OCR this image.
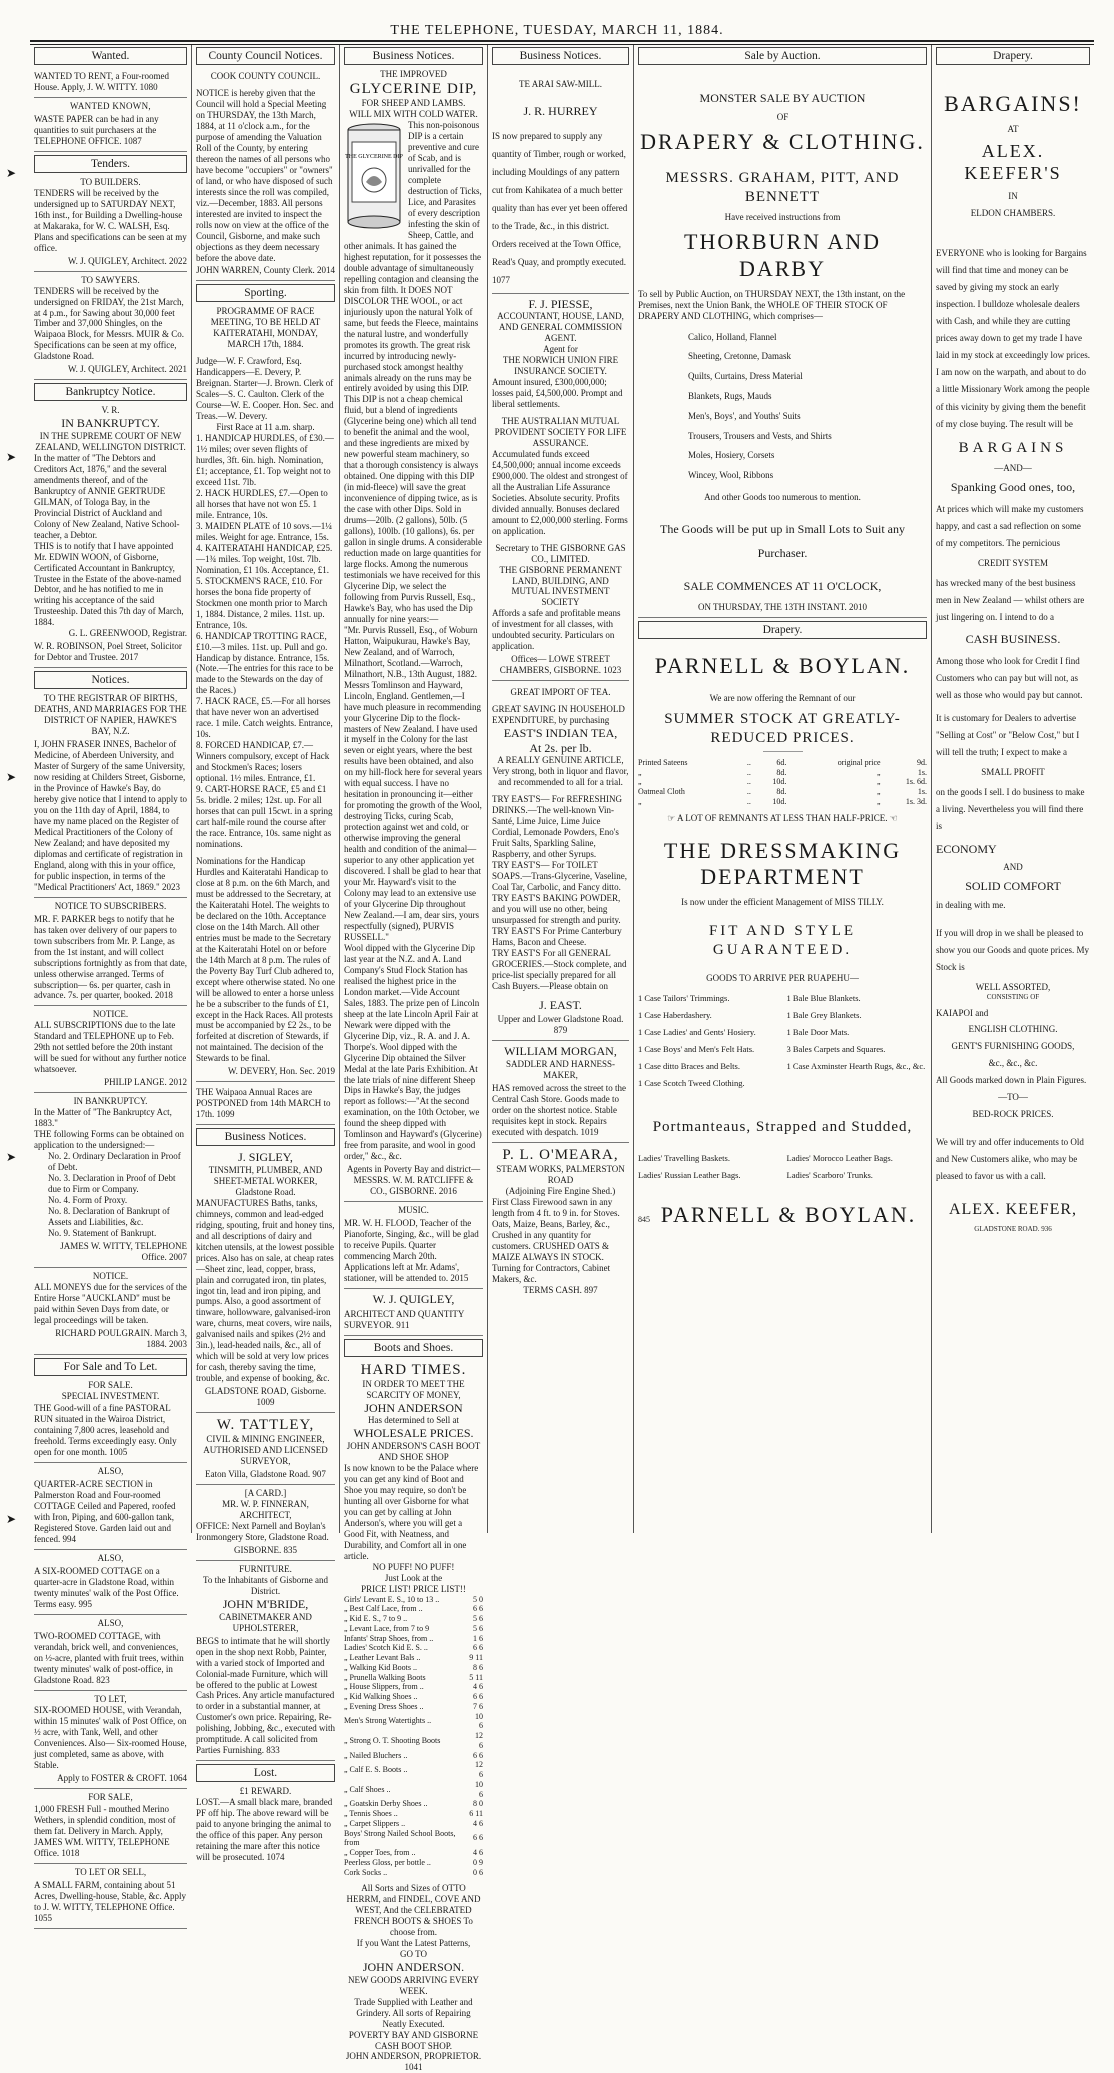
THE TELEPHONE, TUESDAY, MARCH 11, 1884.
Wanted.
WANTED TO RENT, a Four-roomed House. Apply, J. W. WITTY. 1080
WANTED KNOWN,
WASTE PAPER can be had in any quantities to suit purchasers at the TELEPHONE OFFICE. 1087
Tenders.
TO BUILDERS.
TENDERS will be received by the undersigned up to SATURDAY NEXT, 16th inst., for Building a Dwelling-house at Makaraka, for W. C. WALSH, Esq. Plans and specifications can be seen at my office.
W. J. QUIGLEY, Architect. 2022
TO SAWYERS.
TENDERS will be received by the undersigned on FRIDAY, the 21st March, at 4 p.m., for Sawing about 30,000 feet Timber and 37,000 Shingles, on the Waipaoa Block, for Messrs. MUIR & Co. Specifications can be seen at my office, Gladstone Road.
W. J. QUIGLEY, Architect. 2021
Bankruptcy Notice.
V. R.
IN BANKRUPTCY.
IN THE SUPREME COURT OF NEW ZEALAND, WELLINGTON DISTRICT.
In the matter of "The Debtors and Creditors Act, 1876," and the several amendments thereof, and of the Bankruptcy of ANNIE GERTRUDE GILMAN, of Tologa Bay, in the Provincial District of Auckland and Colony of New Zealand, Native School-teacher, a Debtor.
THIS is to notify that I have appointed Mr. EDWIN WOON, of Gisborne, Certificated Accountant in Bankruptcy, Trustee in the Estate of the above-named Debtor, and he has notified to me in writing his acceptance of the said Trusteeship. Dated this 7th day of March, 1884.
G. L. GREENWOOD, Registrar.
W. R. ROBINSON, Poel Street, Solicitor for Debtor and Trustee. 2017
Notices.
TO THE REGISTRAR OF BIRTHS, DEATHS, AND MARRIAGES FOR THE DISTRICT OF NAPIER, HAWKE'S BAY, N.Z.
I, JOHN FRASER INNES, Bachelor of Medicine, of Aberdeen University, and Master of Surgery of the same University, now residing at Childers Street, Gisborne, in the Province of Hawke's Bay, do hereby give notice that I intend to apply to you on the 11th day of April, 1884, to have my name placed on the Register of Medical Practitioners of the Colony of New Zealand; and have deposited my diplomas and certificate of registration in England, along with this in your office, for public inspection, in terms of the "Medical Practitioners' Act, 1869." 2023
NOTICE TO SUBSCRIBERS.
MR. F. PARKER begs to notify that he has taken over delivery of our papers to town subscribers from Mr. P. Lange, as from the 1st instant, and will collect subscriptions fortnightly as from that date, unless otherwise arranged. Terms of subscription— 6s. per quarter, cash in advance. 7s. per quarter, booked. 2018
NOTICE.
ALL SUBSCRIPTIONS due to the late Standard and TELEPHONE up to Feb. 29th not settled before the 20th instant will be sued for without any further notice whatsoever.
PHILIP LANGE. 2012
IN BANKRUPTCY.
In the Matter of "The Bankruptcy Act, 1883."
THE following Forms can be obtained on application to the undersigned:—
No. 2. Ordinary Declaration in Proof of Debt.
No. 3. Declaration in Proof of Debt due to Firm or Company.
No. 4. Form of Proxy.
No. 8. Declaration of Bankrupt of Assets and Liabilities, &c.
No. 9. Statement of Bankrupt.
JAMES W. WITTY, TELEPHONE Office. 2007
NOTICE.
ALL MONEYS due for the services of the Entire Horse "AUCKLAND" must be paid within Seven Days from date, or legal proceedings will be taken.
RICHARD POULGRAIN. March 3, 1884. 2003
For Sale and To Let.
FOR SALE.
SPECIAL INVESTMENT.
THE Good-will of a fine PASTORAL RUN situated in the Wairoa District, containing 7,800 acres, leasehold and freehold. Terms exceedingly easy. Only open for one month. 1005
ALSO,
QUARTER-ACRE SECTION in Palmerston Road and Four-roomed COTTAGE Ceiled and Papered, roofed with Iron, Piping, and 600-gallon tank, Registered Stove. Garden laid out and fenced. 994
ALSO,
A SIX-ROOMED COTTAGE on a quarter-acre in Gladstone Road, within twenty minutes' walk of the Post Office. Terms easy. 995
ALSO,
TWO-ROOMED COTTAGE, with verandah, brick well, and conveniences, on ½-acre, planted with fruit trees, within twenty minutes' walk of post-office, in Gladstone Road. 823
TO LET,
SIX-ROOMED HOUSE, with Verandah, within 15 minutes' walk of Post Office, on ½ acre, with Tank, Well, and other Conveniences. Also— Six-roomed House, just completed, same as above, with Stable.
Apply to FOSTER & CROFT. 1064
FOR SALE,
1,000 FRESH Full - mouthed Merino Wethers, in splendid condition, most of them fat. Delivery in March. Apply, JAMES WM. WITTY, TELEPHONE Office. 1018
TO LET OR SELL,
A SMALL FARM, containing about 51 Acres, Dwelling-house, Stable, &c. Apply to J. W. WITTY, TELEPHONE Office. 1055
County Council Notices.
COOK COUNTY COUNCIL.
NOTICE is hereby given that the Council will hold a Special Meeting on THURSDAY, the 13th March, 1884, at 11 o'clock a.m., for the purpose of amending the Valuation Roll of the County, by entering thereon the names of all persons who have become "occupiers" or "owners" of land, or who have disposed of such interests since the roll was compiled, viz.—December, 1883. All persons interested are invited to inspect the rolls now on view at the office of the Council, Gisborne, and make such objections as they deem necessary before the above date.
JOHN WARREN, County Clerk. 2014
Sporting.
PROGRAMME OF RACE MEETING, TO BE HELD AT KAITERATAHI, MONDAY, MARCH 17th, 1884.
Judge—W. F. Crawford, Esq. Handicappers—E. Devery, P. Breignan. Starter—J. Brown. Clerk of Scales—S. C. Caulton. Clerk of the Course—W. E. Cooper. Hon. Sec. and Treas.—W. Devery.
First Race at 11 a.m. sharp.
1. HANDICAP HURDLES, of £30.—1½ miles; over seven flights of hurdles, 3ft. 6in. high. Nomination, £1; acceptance, £1. Top weight not to exceed 11st. 7lb.
2. HACK HURDLES, £7.—Open to all horses that have not won £5. 1 mile. Entrance, 10s.
3. MAIDEN PLATE of 10 sovs.—1¼ miles. Weight for age. Entrance, 15s.
4. KAITERATAHI HANDICAP, £25.—1¾ miles. Top weight, 10st. 7lb. Nomination, £1 10s. Acceptance, £1.
5. STOCKMEN'S RACE, £10. For horses the bona fide property of Stockmen one month prior to March 1, 1884. Distance, 2 miles. 11st. up. Entrance, 10s.
6. HANDICAP TROTTING RACE, £10.—3 miles. 11st. up. Pull and go. Handicap by distance. Entrance, 15s. (Note.—The entries for this race to be made to the Stewards on the day of the Races.)
7. HACK RACE, £5.—For all horses that have never won an advertised race. 1 mile. Catch weights. Entrance, 10s.
8. FORCED HANDICAP, £7.—Winners compulsory, except of Hack and Stockmen's Races; losers optional. 1½ miles. Entrance, £1.
9. CART-HORSE RACE, £5 and £1 5s. bridle. 2 miles; 12st. up. For all horses that can pull 15cwt. in a spring cart half-mile round the course after the race. Entrance, 10s. same night as nominations.
Nominations for the Handicap Hurdles and Kaiteratahi Handicap to close at 8 p.m. on the 6th March, and must be addressed to the Secretary, at the Kaiteratahi Hotel. The weights to be declared on the 10th. Acceptance close on the 14th March. All other entries must be made to the Secretary at the Kaiteratahi Hotel on or before the 14th March at 8 p.m. The rules of the Poverty Bay Turf Club adhered to, except where otherwise stated. No one will be allowed to enter a horse unless he be a subscriber to the funds of £1, except in the Hack Races. All protests must be accompanied by £2 2s., to be forfeited at discretion of Stewards, if not maintained. The decision of the Stewards to be final.
W. DEVERY, Hon. Sec. 2019
THE Waipaoa Annual Races are POSTPONED from 14th MARCH to 17th. 1099
Business Notices.
J. SIGLEY,
TINSMITH, PLUMBER, AND SHEET-METAL WORKER,
Gladstone Road.
MANUFACTURES Baths, tanks, chimneys, common and lead-edged ridging, spouting, fruit and honey tins, and all descriptions of dairy and kitchen utensils, at the lowest possible prices. Also has on sale, at cheap rates—Sheet zinc, lead, copper, brass, plain and corrugated iron, tin plates, ingot tin, lead and iron piping, and pumps. Also, a good assortment of tinware, hollowware, galvanised-iron ware, churns, meat covers, wire nails, galvanised nails and spikes (2½ and 3in.), lead-headed nails, &c., all of which will be sold at very low prices for cash, thereby saving the time, trouble, and expense of booking, &c.
GLADSTONE ROAD, Gisborne. 1009
W. TATTLEY,
CIVIL & MINING ENGINEER,
AUTHORISED AND LICENSED SURVEYOR,
Eaton Villa, Gladstone Road. 907
[A CARD.]
MR. W. P. FINNERAN, ARCHITECT,
OFFICE: Next Parnell and Boylan's Ironmongery Store, Gladstone Road.
GISBORNE. 835
FURNITURE.
To the Inhabitants of Gisborne and District.
JOHN M'BRIDE,
CABINETMAKER AND UPHOLSTERER,
BEGS to intimate that he will shortly open in the shop next Robb, Painter, with a varied stock of Imported and Colonial-made Furniture, which will be offered to the public at Lowest Cash Prices. Any article manufactured to order in a substantial manner, at Customer's own price. Repairing, Re-polishing, Jobbing, &c., executed with promptitude. A call solicited from Parties Furnishing. 833
Lost.
£1 REWARD.
LOST.—A small black mare, branded PF off hip. The above reward will be paid to anyone bringing the animal to the office of this paper. Any person retaining the mare after this notice will be prosecuted. 1074
Business Notices.
THE IMPROVED
GLYCERINE DIP,
FOR SHEEP AND LAMBS.
WILL MIX WITH COLD WATER.
THE GLYCERINE DIP
This non-poisonous DIP is a certain preventive and cure of Scab, and is unrivalled for the complete destruction of Ticks, Lice, and Parasites of every description infesting the skin of Sheep, Cattle, and other animals. It has gained the highest reputation, for it possesses the double advantage of simultaneously repelling contagion and cleansing the skin from filth. It DOES NOT DISCOLOR THE WOOL, or act injuriously upon the natural Yolk of same, but feeds the Fleece, maintains the natural lustre, and wonderfully promotes its growth. The great risk incurred by introducing newly-purchased stock amongst healthy animals already on the runs may be entirely avoided by using this DIP. This DIP is not a cheap chemical fluid, but a blend of ingredients (Glycerine being one) which all tend to benefit the animal and the wool, and these ingredients are mixed by new powerful steam machinery, so that a thorough consistency is always obtained. One dipping with this DIP (in mid-fleece) will save the great inconvenience of dipping twice, as is the case with other Dips. Sold in drums—20lb. (2 gallons), 50lb. (5 gallons), 100lb. (10 gallons), 6s. per gallon in single drums. A considerable reduction made on large quantities for large flocks. Among the numerous testimonials we have received for this Glycerine Dip, we select the following from Purvis Russell, Esq., Hawke's Bay, who has used the Dip annually for nine years:—
"Mr. Purvis Russell, Esq., of Woburn Hatton, Waipukurau, Hawke's Bay, New Zealand, and of Warroch, Milnathort, Scotland.—Warroch, Milnathort, N.B., 13th August, 1882. Messrs Tomlinson and Hayward, Lincoln, England. Gentlemen,—I have much pleasure in recommending your Glycerine Dip to the flock-masters of New Zealand. I have used it myself in the Colony for the last seven or eight years, where the best results have been obtained, and also on my hill-flock here for several years with equal success. I have no hesitation in pronouncing it—either for promoting the growth of the Wool, destroying Ticks, curing Scab, protection against wet and cold, or otherwise improving the general health and condition of the animal—superior to any other application yet discovered. I shall be glad to hear that your Mr. Hayward's visit to the Colony may lead to an extensive use of your Glycerine Dip throughout New Zealand.—I am, dear sirs, yours respectfully (signed), PURVIS RUSSELL."
Wool dipped with the Glycerine Dip last year at the N.Z. and A. Land Company's Stud Flock Station has realised the highest price in the London market.—Vide Account Sales, 1883. The prize pen of Lincoln sheep at the late Lincoln April Fair at Newark were dipped with the Glycerine Dip, viz., R. A. and J. A. Thorpe's. Wool dipped with the Glycerine Dip obtained the Silver Medal at the late Paris Exhibition. At the late trials of nine different Sheep Dips in Hawke's Bay, the judges report as follows:—"At the second examination, on the 10th October, we found the sheep dipped with Tomlinson and Hayward's (Glycerine) free from parasite, and wool in good order," &c., &c.
Agents in Poverty Bay and district— MESSRS. W. M. RATCLIFFE & CO., GISBORNE. 2016
MUSIC.
MR. W. H. FLOOD, Teacher of the Pianoforte, Singing, &c., will be glad to receive Pupils. Quarter commencing March 20th. Applications left at Mr. Adams', stationer, will be attended to. 2015
W. J. QUIGLEY,
ARCHITECT AND QUANTITY SURVEYOR. 911
Boots and Shoes.
HARD TIMES.
IN ORDER TO MEET THE SCARCITY OF MONEY,
JOHN ANDERSON
Has determined to Sell at
WHOLESALE PRICES.
JOHN ANDERSON'S CASH BOOT AND SHOE SHOP
Is now known to be the Palace where you can get any kind of Boot and Shoe you may require, so don't be hunting all over Gisborne for what you can get by calling at John Anderson's, where you will get a Good Fit, with Neatness, and Durability, and Comfort all in one article.
NO PUFF! NO PUFF!
Just Look at the
PRICE LIST! PRICE LIST!!
Girls' Levant E. S., 10 to 13 ..	5 0
„ Best Calf Lace, from ..	6 6
„ Kid E. S., 7 to 9 ..	5 6
„ Levant Lace, from 7 to 9	5 6
Infants' Strap Shoes, from ..	1 6
Ladies' Scotch Kid E. S. ..	6 6
„ Leather Levant Bals ..	9 11
„ Walking Kid Boots ..	8 6
„ Prunella Walking Boots	5 11
„ House Slippers, from ..	4 6
„ Kid Walking Shoes ..	6 6
„ Evening Dress Shoes ..	7 6
Men's Strong Watertights ..	10 6
„ Strong O. T. Shooting Boots	12 6
„ Nailed Bluchers ..	6 6
„ Calf E. S. Boots ..	12 6
„ Calf Shoes ..	10 6
„ Goatskin Derby Shoes ..	8 0
„ Tennis Shoes ..	6 11
„ Carpet Slippers ..	4 6
Boys' Strong Nailed School Boots, from	6 6
„ Copper Toes, from ..	4 6
Peerless Gloss, per bottle ..	0 9
Cork Socks ..	0 6
All Sorts and Sizes of OTTO HERRM, and FINDEL, COVE AND WEST, And the CELEBRATED FRENCH BOOTS & SHOES To choose from.
If you Want the Latest Patterns,
GO TO
JOHN ANDERSON.
NEW GOODS ARRIVING EVERY WEEK.
Trade Supplied with Leather and Grindery. All sorts of Repairing Neatly Executed.
POVERTY BAY AND GISBORNE CASH BOOT SHOP.
JOHN ANDERSON, PROPRIETOR. 1041
Business Notices.
TE ARAI SAW-MILL.
J. R. HURREY
IS now prepared to supply any quantity of Timber, rough or worked, including Mouldings of any pattern cut from Kahikatea of a much better quality than has ever yet been offered to the Trade, &c., in this district. Orders received at the Town Office, Read's Quay, and promptly executed. 1077
F. J. PIESSE,
ACCOUNTANT, HOUSE, LAND, AND GENERAL COMMISSION AGENT.
Agent for
THE NORWICH UNION FIRE INSURANCE SOCIETY.
Amount insured, £300,000,000; losses paid, £4,500,000. Prompt and liberal settlements.
THE AUSTRALIAN MUTUAL PROVIDENT SOCIETY FOR LIFE ASSURANCE.
Accumulated funds exceed £4,500,000; annual income exceeds £900,000. The oldest and strongest of all the Australian Life Assurance Societies. Absolute security. Profits divided annually. Bonuses declared amount to £2,000,000 sterling. Forms on application.
Secretary to THE GISBORNE GAS CO., LIMITED.
THE GISBORNE PERMANENT LAND, BUILDING, AND MUTUAL INVESTMENT SOCIETY
Affords a safe and profitable means of investment for all classes, with undoubted security. Particulars on application.
Offices— LOWE STREET CHAMBERS, GISBORNE. 1023
GREAT IMPORT OF TEA.
GREAT SAVING IN HOUSEHOLD EXPENDITURE, by purchasing
EAST'S INDIAN TEA,
At 2s. per lb.
A REALLY GENUINE ARTICLE,
Very strong, both in liquor and flavor, and recommended to all for a trial.
TRY EAST'S— For REFRESHING DRINKS.—The well-known Vin-Santé, Lime Juice, Lime Juice Cordial, Lemonade Powders, Eno's Fruit Salts, Sparkling Saline, Raspberry, and other Syrups.
TRY EAST'S— For TOILET SOAPS.—Trans-Glycerine, Vaseline, Coal Tar, Carbolic, and Fancy ditto.
TRY EAST'S BAKING POWDER, and you will use no other, being unsurpassed for strength and purity.
TRY EAST'S For Prime Canterbury Hams, Bacon and Cheese.
TRY EAST'S For all GENERAL GROCERIES.—Stock complete, and price-list specially prepared for all Cash Buyers.—Please obtain on
J. EAST.
Upper and Lower Gladstone Road. 879
WILLIAM MORGAN,
SADDLER AND HARNESS-MAKER,
HAS removed across the street to the Central Cash Store. Goods made to order on the shortest notice. Stable requisites kept in stock. Repairs executed with despatch. 1019
P. L. O'MEARA,
STEAM WORKS, PALMERSTON ROAD
(Adjoining Fire Engine Shed.)
First Class Firewood sawn in any length from 4 ft. to 9 in. for Stoves. Oats, Maize, Beans, Barley, &c., Crushed in any quantity for customers. CRUSHED OATS & MAIZE ALWAYS IN STOCK. Turning for Contractors, Cabinet Makers, &c.
TERMS CASH. 897
Sale by Auction.
MONSTER SALE BY AUCTION
OF
DRAPERY & CLOTHING.
MESSRS. GRAHAM, PITT, AND BENNETT
Have received instructions from
THORBURN AND DARBY
To sell by Public Auction, on THURSDAY NEXT, the 13th instant, on the Premises, next the Union Bank, the WHOLE OF THEIR STOCK OF DRAPERY AND CLOTHING, which comprises—
Calico, Holland, Flannel
Sheeting, Cretonne, Damask
Quilts, Curtains, Dress Material
Blankets, Rugs, Mauds
Men's, Boys', and Youths' Suits
Trousers, Trousers and Vests, and Shirts
Moles, Hosiery, Corsets
Wincey, Wool, Ribbons
And other Goods too numerous to mention.
The Goods will be put up in Small Lots to Suit any Purchaser.
SALE COMMENCES AT 11 O'CLOCK,
ON THURSDAY, THE 13TH INSTANT. 2010
Drapery.
PARNELL & BOYLAN.
We are now offering the Remnant of our
SUMMER STOCK AT GREATLY-REDUCED PRICES.
Printed Sateens	..	6d.	original price	9d.
„	..	8d.	„	1s.
„	..	10d.	„	1s. 6d.
Oatmeal Cloth	..	8d.	„	1s.
„	..	10d.	„	1s. 3d.
☞ A LOT OF REMNANTS AT LESS THAN HALF-PRICE. ☜
THE DRESSMAKING DEPARTMENT
Is now under the efficient Management of MISS TILLY.
FIT AND STYLE GUARANTEED.
GOODS TO ARRIVE PER RUAPEHU—
1 Case Tailors' Trimmings.
1 Case Haberdashery.
1 Case Ladies' and Gents' Hosiery.
1 Case Boys' and Men's Felt Hats.
1 Case ditto Braces and Belts.
1 Case Scotch Tweed Clothing.
1 Bale Blue Blankets.
1 Bale Grey Blankets.
1 Bale Door Mats.
3 Bales Carpets and Squares.
1 Case Axminster Hearth Rugs, &c., &c.
Portmanteaus, Strapped and Studded,
Ladies' Travelling Baskets.
Ladies' Russian Leather Bags.
Ladies' Morocco Leather Bags.
Ladies' Scarboro' Trunks.
845 PARNELL & BOYLAN.
Drapery.
BARGAINS!
AT
ALEX. KEEFER'S
IN
ELDON CHAMBERS.
EVERYONE who is looking for Bargains will find that time and money can be saved by giving my stock an early inspection. I bulldoze wholesale dealers with Cash, and while they are cutting prices away down to get my trade I have laid in my stock at exceedingly low prices. I am now on the warpath, and about to do a little Missionary Work among the people of this vicinity by giving them the benefit of my close buying. The result will be
BARGAINS
—AND—
Spanking Good ones, too,
At prices which will make my customers happy, and cast a sad reflection on some of my competitors. The pernicious
CREDIT SYSTEM
has wrecked many of the best business men in New Zealand — whilst others are just lingering on. I intend to do a
CASH BUSINESS.
Among those who look for Credit I find Customers who can pay but will not, as well as those who would pay but cannot.
It is customary for Dealers to advertise "Selling at Cost" or "Below Cost," but I will tell the truth; I expect to make a
SMALL PROFIT
on the goods I sell. I do business to make a living. Nevertheless you will find there is
ECONOMY
AND
SOLID COMFORT
in dealing with me.
If you will drop in we shall be pleased to show you our Goods and quote prices. My Stock is
WELL ASSORTED,
CONSISTING OF
KAIAPOI and
ENGLISH CLOTHING.
GENT'S FURNISHING GOODS,
&c., &c., &c.
All Goods marked down in Plain Figures.
—TO—
BED-ROCK PRICES.
We will try and offer inducements to Old and New Customers alike, who may be pleased to favor us with a call.
ALEX. KEEFER,
GLADSTONE ROAD. 936
➤
➤
➤
➤
➤
